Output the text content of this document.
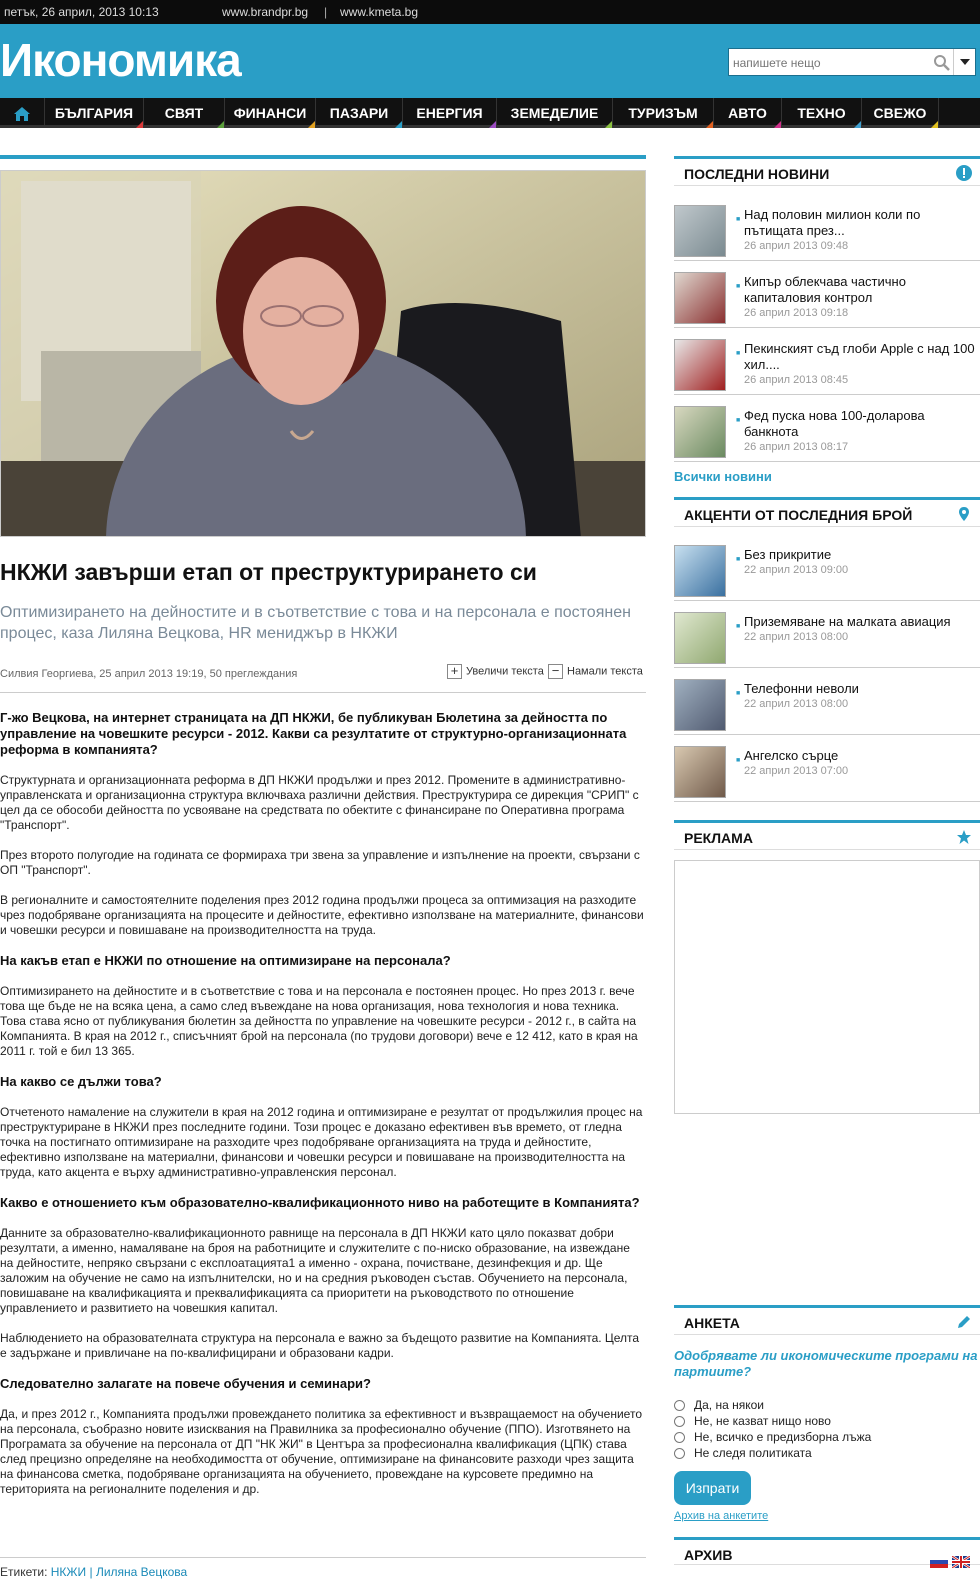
петък, 26 април, 2013 10:13	www.brandpr.bg | www.kmeta.bg
Икономика
напишете нещо
БЪЛГАРИЯ	СВЯТ	ФИНАНСИ	ПАЗАРИ	ЕНЕРГИЯ	ЗЕМЕДЕЛИЕ	ТУРИЗЪМ	АВТО	ТЕХНО	СВЕЖО
НКЖИ завърши етап от преструктурирането си
Оптимизирането на дейностите и в съответствие с това и на персонала е постоянен процес, каза Лиляна Вецкова, HR мениджър в НКЖИ
Силвия Георгиева, 25 април 2013 19:19, 50 преглеждания	+ Увеличи текста − Намали текста

Г-жо Вецкова, на интернет страницата на ДП НКЖИ, бе публикуван Бюлетина за дейността по управление на човешките ресурси - 2012. Какви са резултатите от структурно-организационната реформа в компанията?

Структурната и организационната реформа в ДП НКЖИ продължи и през 2012. Промените в административно-управленската и организационна структура включваха различни действия. Преструктурира се дирекция "СРИП" с цел да се обособи дейността по усвояване на средствата по обектите с финансиране по Оперативна програма "Транспорт".

През второто полугодие на годината се формираха три звена за управление и изпълнение на проекти, свързани с ОП "Транспорт".

В регионалните и самостоятелните поделения през 2012 година продължи процеса за оптимизация на разходите чрез подобряване организацията на процесите и дейностите, ефективно използване на материалните, финансови и човешки ресурси и повишаване на производителността на труда.

На какъв етап е НКЖИ по отношение на оптимизиране на персонала?

Оптимизирането на дейностите и в съответствие с това и на персонала е постоянен процес. Но през 2013 г. вече това ще бъде не на всяка цена, а само след въвеждане на нова организация, нова технология и нова техника. Това става ясно от публикувания бюлетин за дейността по управление на човешките ресурси - 2012 г., в сайта на Компанията. В края на 2012 г., списъчният брой на персонала (по трудови договори) вече е 12 412, като в края на 2011 г. той е бил 13 365.

На какво се дължи това?

Отчетеното намаление на служители в края на 2012 година и оптимизиране е резултат от продължилия процес на преструктуриране в НКЖИ през последните години. Този процес е доказано ефективен във времето, от гледна точка на постигнато оптимизиране на разходите чрез подобряване организацията на труда и дейностите, ефективно използване на материални, финансови и човешки ресурси и повишаване на производителността на труда, като акцента е върху административно-управленския персонал.

Какво е отношението към образователно-квалификационното ниво на работещите в Компанията?

Данните за образователно-квалификационното равнище на персонала в ДП НКЖИ като цяло показват добри резултати, а именно, намаляване на броя на работниците и служителите с по-ниско образование, на извеждане на дейностите, непряко свързани с експлоатацията1 а именно - охрана, почистване, дезинфекция и др. Ще заложим на обучение не само на изпълнителски, но и на средния ръководен състав. Обучението на персонала, повишаване на квалификацията и преквалификацията са приоритети на ръководството по отношение управлението и развитието на човешкия капитал.

Наблюдението на образователната структура на персонала е важно за бъдещото развитие на Компанията. Целта е задържане и привличане на по-квалифицирани и образовани кадри.

Следователно залагате на повече обучения и семинари?

Да, и през 2012 г., Компанията продължи провеждането политика за ефективност и възвращаемост на обучението на персонала, съобразно новите изисквания на Правилника за професионално обучение (ППО). Изготвянето на Програмата за обучение на персонала от ДП "НК ЖИ" в Центъра за професионална квалификация (ЦПК) става след прецизно определяне на необходимостта от обучение, оптимизиране на финансовите разходи чрез защита на финансова сметка, подобряване организацията на обучението, провеждане на курсовете предимно на територията на регионалните поделения и др.

Етикети: НКЖИ | Лиляна Вецкова
ПОСЛЕДНИ НОВИНИ
■ Над половин милион коли по пътищата през...
26 април 2013 09:48
■ Кипър облекчава частично капиталовия контрол
26 април 2013 09:18
■ Пекинският съд глоби Apple с над 100 хил....
26 април 2013 08:45
■ Фед пуска нова 100-доларова банкнота
26 април 2013 08:17
Всички новини
АКЦЕНТИ ОТ ПОСЛЕДНИЯ БРОЙ
■ Без прикритие
22 април 2013 09:00
■ Приземяване на малката авиация
22 април 2013 08:00
■ Телефонни неволи
22 април 2013 08:00
■ Ангелско сърце
22 април 2013 07:00
РЕКЛАМА
АНКЕТА
Одобрявате ли икономическите програми на партиите?
Да, на някои
Не, не казват нищо ново
Не, всичко е предизборна лъжа
Не следя политиката
Изпрати
Архив на анкетите
АРХИВ
